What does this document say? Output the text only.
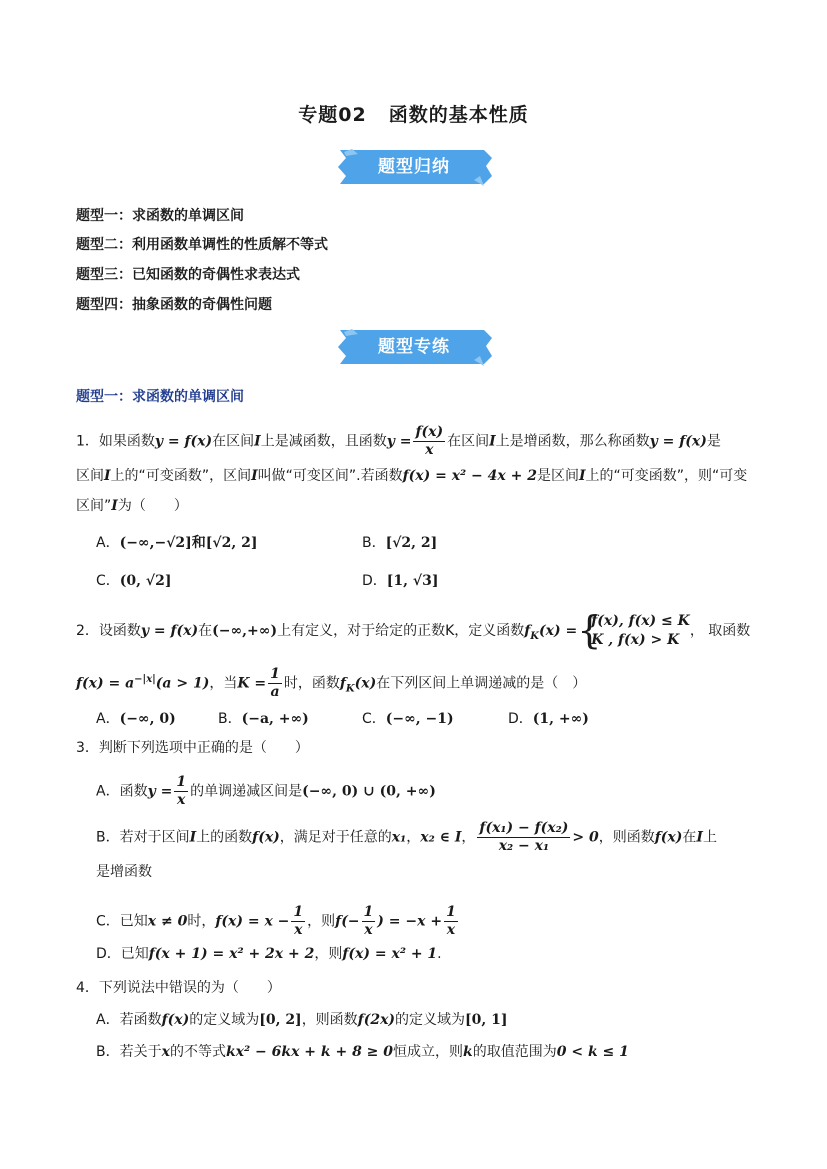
专题02 函数的基本性质
题型归纳
题型一：求函数的单调区间
题型二：利用函数单调性的性质解不等式
题型三：已知函数的奇偶性求表达式
题型四：抽象函数的奇偶性问题
题型专练
题型一：求函数的单调区间
1．如果函数y = f(x)在区间I上是减函数，且函数$y = \frac{f(x)}{x}$ 在区间I上是增函数，那么称函数y = f(x)是
区间I上的“可变函数”，区间I叫做“可变区间”.若函数f(x) = x² − 4x + 2是区间I上的“可变函数”，则“可变
区间”I为（　　）
A．(−∞,−√2]和[√2, 2]	B．[√2, 2]
C．(0, √2]	D．[1, √3]
2．设函数y = f(x)在(−∞,+∞)上有定义，对于给定的正数K，定义函数$f_K(x)$ = {
f(x), f(x) ≤ K
K , f(x) > K
， 取函数
$f(x) = a^{-|x|}(a > 1)$，当$K = \frac{1}{a}$ 时，函数$f_K(x)$在下列区间上单调递减的是（　）
A．(−∞, 0)	B．(−a, +∞)	C．(−∞, −1)	D．(1, +∞)
3．判断下列选项中正确的是（　　）
A．函数$y = \frac{1}{x}$ 的单调递减区间是(−∞, 0) ∪ (0, +∞)
B．若对于区间I上的函数f(x)，满足对于任意的x₁，x₂ ∈ I， $\frac{\text{f(x₁) − f(x₂)}}{\text{x₂ − x₁}} > 0$，则函数f(x)在I上
是增函数
C．已知x ≠ 0时，$f(x) = x - \frac{1}{x}$ ，则$f(- \frac{1}{x}$ ) = $-x + \frac{1}{x}$
D．已知f(x + 1) = x² + 2x + 2，则f(x) = x² + 1.
4．下列说法中错误的为（　　）
A．若函数f(x)的定义域为[0, 2]，则函数f(2x)的定义域为[0, 1]
B．若关于x的不等式kx² − 6kx + k + 8 ≥ 0恒成立，则k的取值范围为0 < k ≤ 1
